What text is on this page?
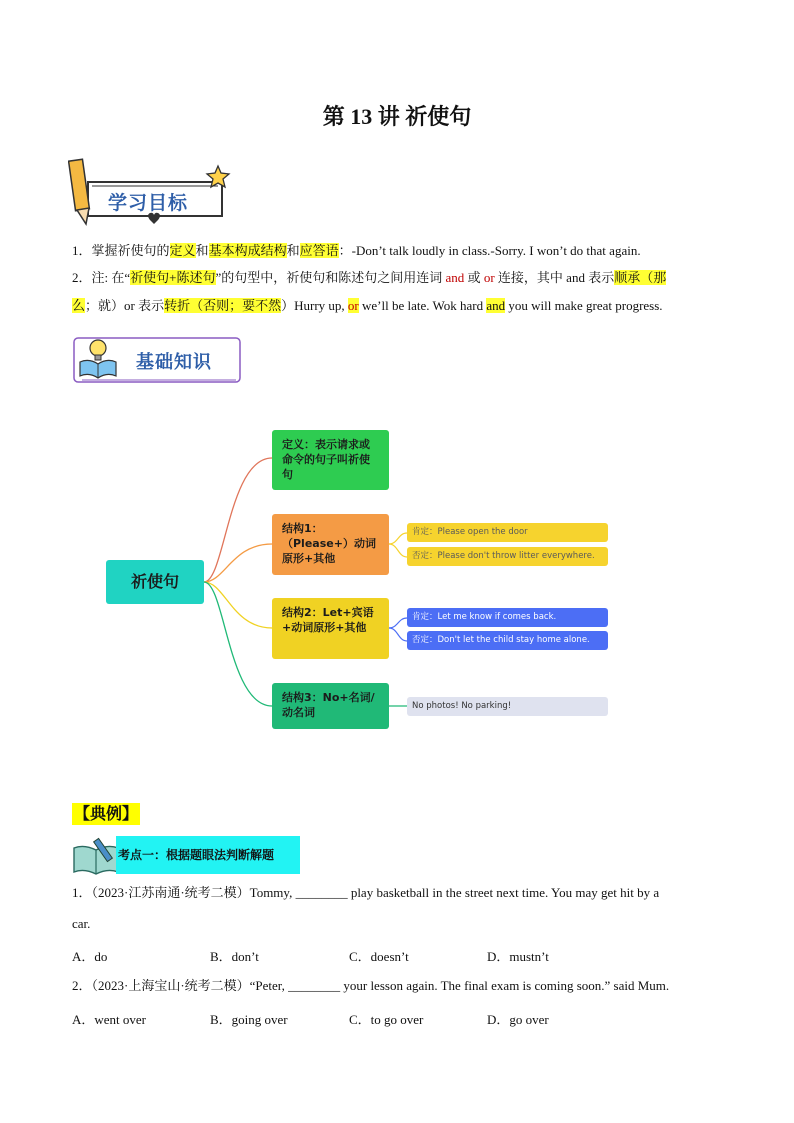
第 13 讲 祈使句
学习目标
1．掌握祈使句的定义和基本构成结构和应答语：-Don’t talk loudly in class.-Sorry. I won’t do that again.
2．注: 在“祈使句+陈述句”的句型中，祈使句和陈述句之间用连词 and 或 or 连接，其中 and 表示顺承（那
么；就）or 表示转折（否则；要不然）Hurry up, or we’ll be late. Wok hard and you will make great progress.
基础知识
祈使句
定义：表示请求或命令的句子叫祈使句
结构1：（Please+）动词原形+其他
肯定：Please open the door
否定：Please don't throw litter everywhere.
结构2：Let+宾语+动词原形+其他
肯定：Let me know if comes back.
否定：Don't let the child stay home alone.
结构3：No+名词/动名词	No photos! No parking!
【典例】
考点一：根据题眼法判断解题
1．（2023·江苏南通·统考二模）Tommy, ________ play basketball in the street next time. You may get hit by a
car.
A．do	B．don’t	C．doesn’t	D．mustn’t
2．（2023·上海宝山·统考二模）“Peter, ________ your lesson again. The final exam is coming soon.” said Mum.
A．went over	B．going over	C．to go over	D．go over
